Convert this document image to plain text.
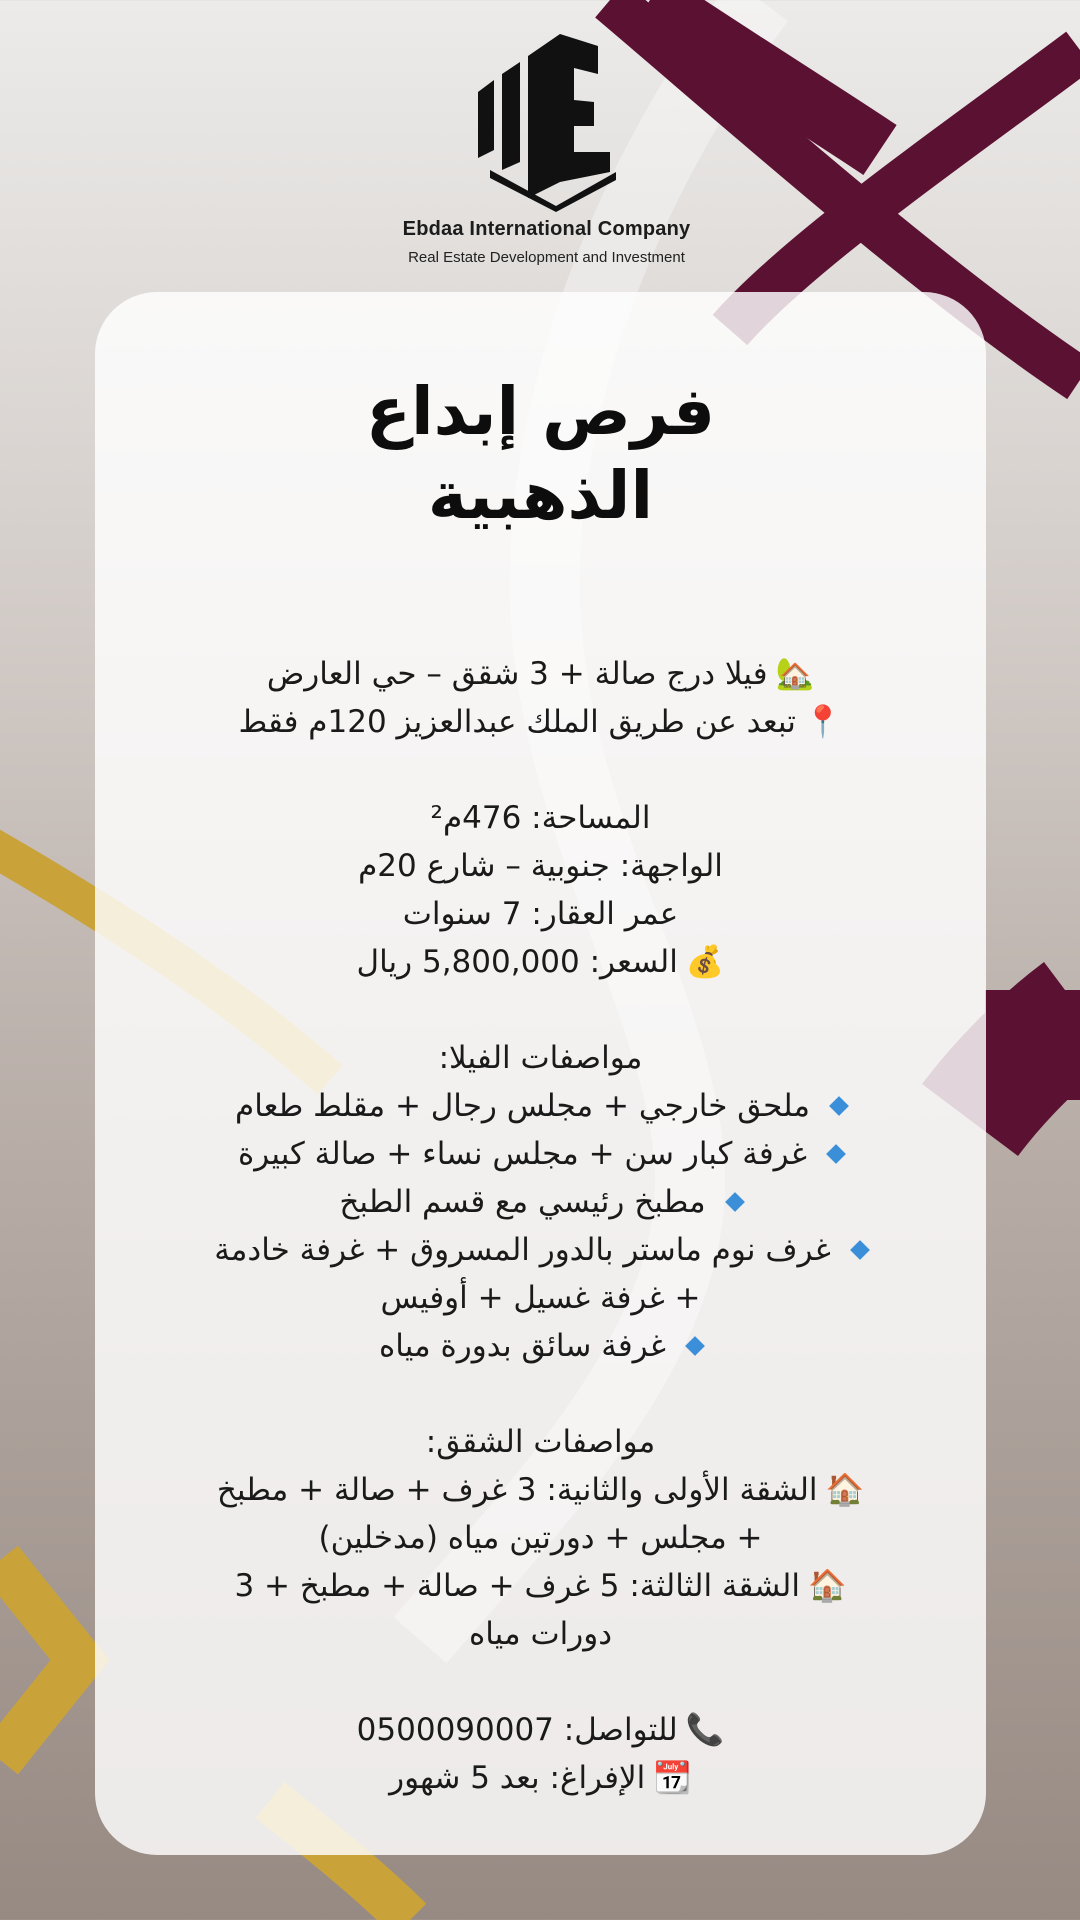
Ebdaa International Company
Real Estate Development and Investment
فرص إبداع
الذهبية

🏡فيلا درج صالة + 3 شقق – حي العارض

📍تبعد عن طريق الملك عبدالعزيز 120م فقط

المساحة: 476م²

الواجهة: جنوبية – شارع 20م

عمر العقار: 7 سنوات

💰السعر: 5,800,000 ريال

مواصفات الفيلا:

ملحق خارجي + مجلس رجال + مقلط طعام

غرفة كبار سن + مجلس نساء + صالة كبيرة

مطبخ رئيسي مع قسم الطبخ

غرف نوم ماستر بالدور المسروق + غرفة خادمة

+ غرفة غسيل + أوفيس

غرفة سائق بدورة مياه

مواصفات الشقق:

🏠الشقة الأولى والثانية: 3 غرف + صالة + مطبخ

+ مجلس + دورتين مياه (مدخلين)

🏠الشقة الثالثة: 5 غرف + صالة + مطبخ + 3

دورات مياه

📞للتواصل: 0500090007

📆الإفراغ: بعد 5 شهور
